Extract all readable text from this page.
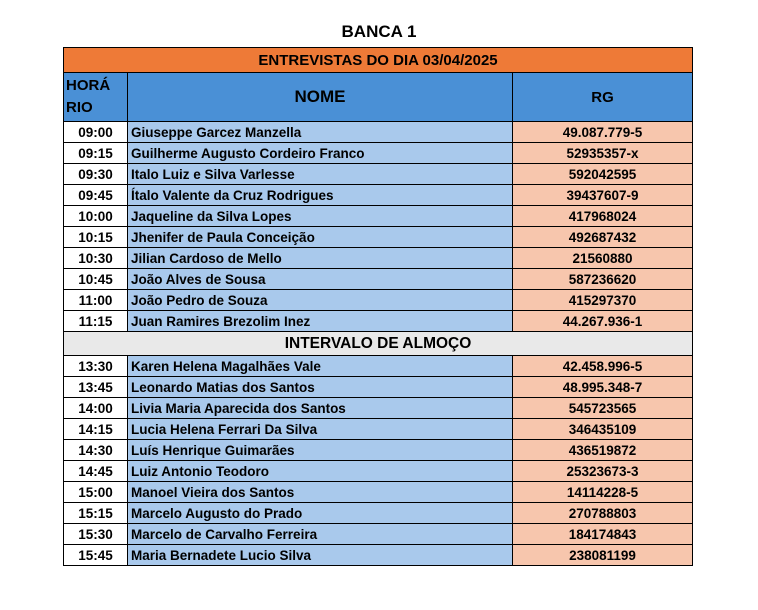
BANCA 1
ENTREVISTAS DO DIA 03/04/2025		
HORÁ
RIO	NOME	RG
09:00	Giuseppe Garcez Manzella	49.087.779-5
09:15	Guilherme Augusto Cordeiro Franco	52935357-x
09:30	Italo Luiz e Silva Varlesse	592042595
09:45	Ítalo Valente da Cruz Rodrigues	39437607-9
10:00	Jaqueline da Silva Lopes	417968024
10:15	Jhenifer de Paula Conceição	492687432
10:30	Jilian Cardoso de Mello	21560880
10:45	João Alves de Sousa	587236620
11:00	João Pedro de Souza	415297370
11:15	Juan Ramires Brezolim Inez	44.267.936-1
INTERVALO DE ALMOÇO		
13:30	Karen Helena Magalhães Vale	42.458.996-5
13:45	Leonardo Matias dos Santos	48.995.348-7
14:00	Livia Maria Aparecida dos Santos	545723565
14:15	Lucia Helena Ferrari Da Silva	346435109
14:30	Luís Henrique Guimarães	436519872
14:45	Luiz Antonio Teodoro	25323673-3
15:00	Manoel Vieira dos Santos	14114228-5
15:15	Marcelo Augusto do Prado	270788803
15:30	Marcelo de Carvalho Ferreira	184174843
15:45	Maria Bernadete Lucio Silva	238081199
